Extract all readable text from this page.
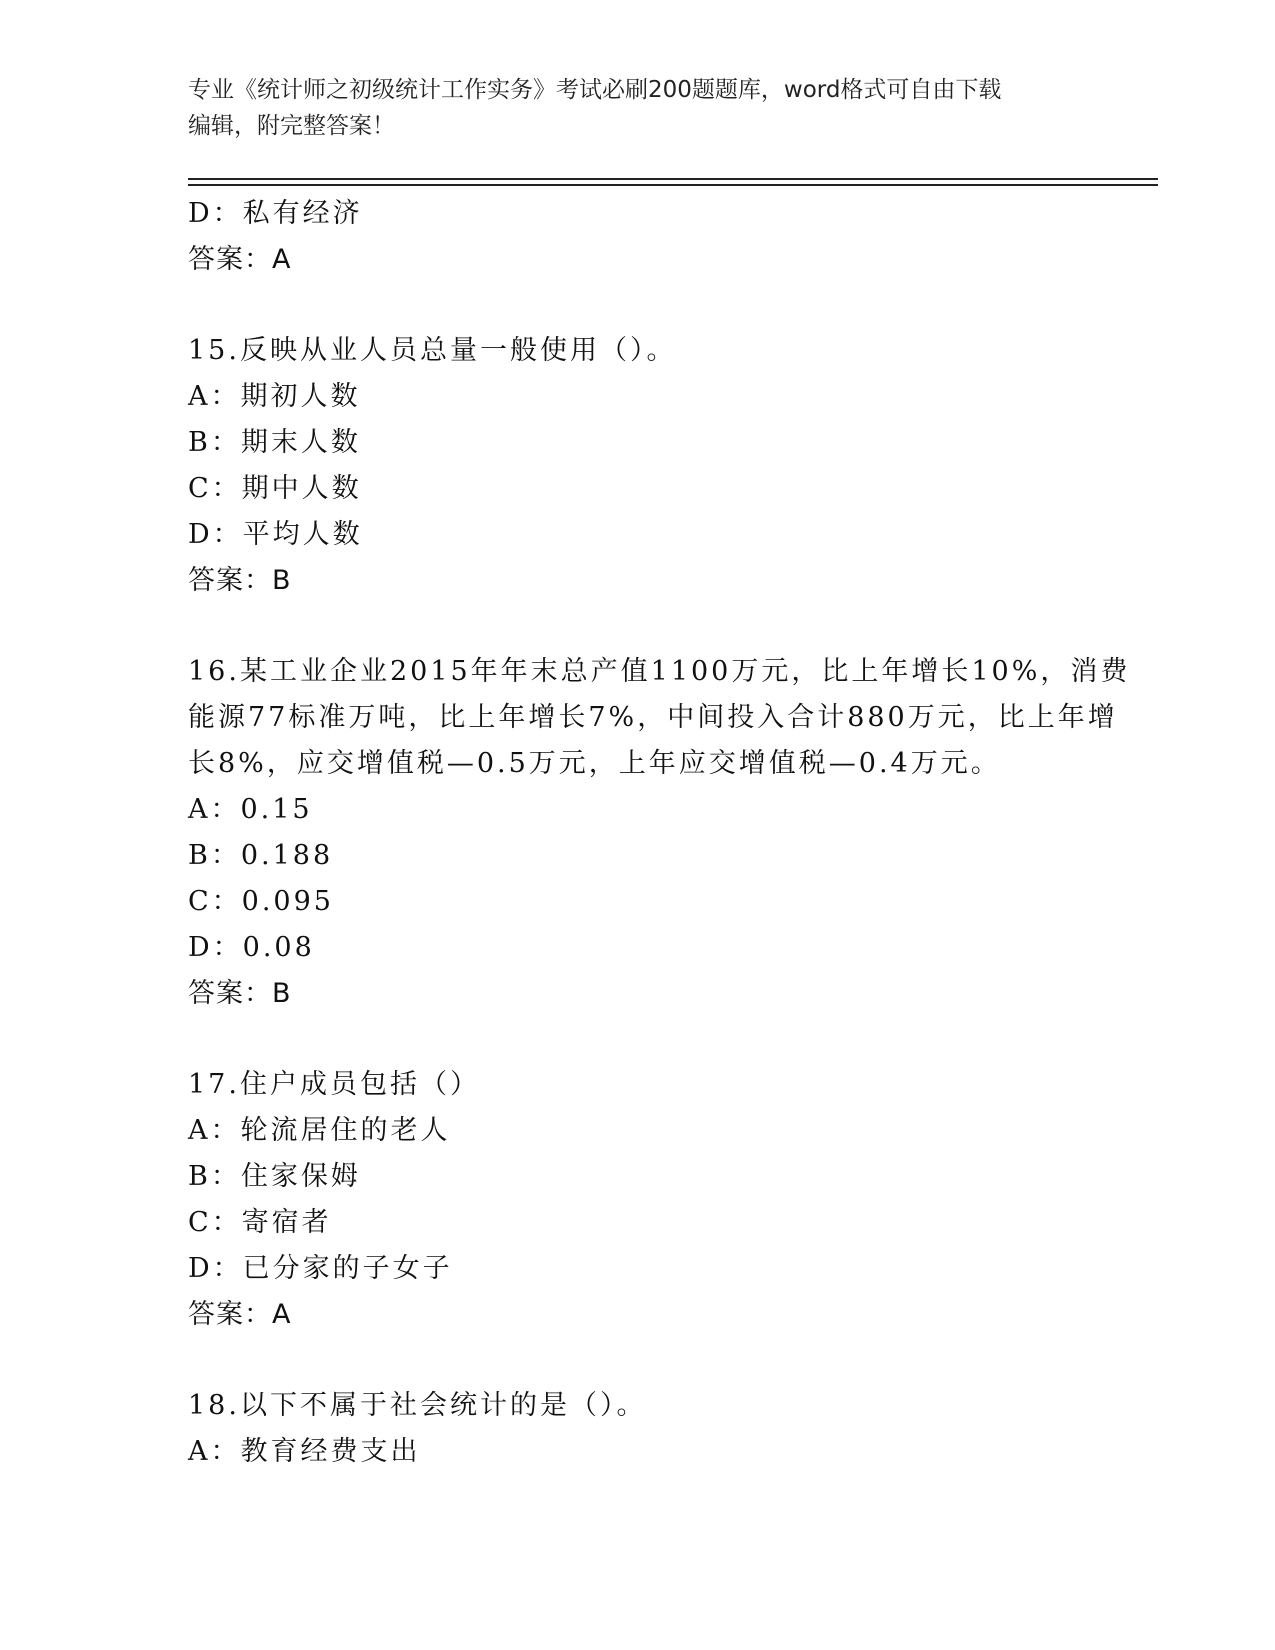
专业《统计师之初级统计工作实务》考试必刷200题题库，word格式可自由下载
编辑，附完整答案！
D：私有经济
答案：A
15.反映从业人员总量一般使用（）。
A：期初人数
B：期末人数
C：期中人数
D：平均人数
答案：B
16.某工业企业2015年年末总产值1100万元，比上年增长10%，消费
能源77标准万吨，比上年增长7%，中间投入合计880万元，比上年增
长8%，应交增值税—0.5万元，上年应交增值税—0.4万元。
A：0.15
B：0.188
C：0.095
D：0.08
答案：B
17.住户成员包括（）
A：轮流居住的老人
B：住家保姆
C：寄宿者
D：已分家的子女子
答案：A
18.以下不属于社会统计的是（）。
A：教育经费支出
